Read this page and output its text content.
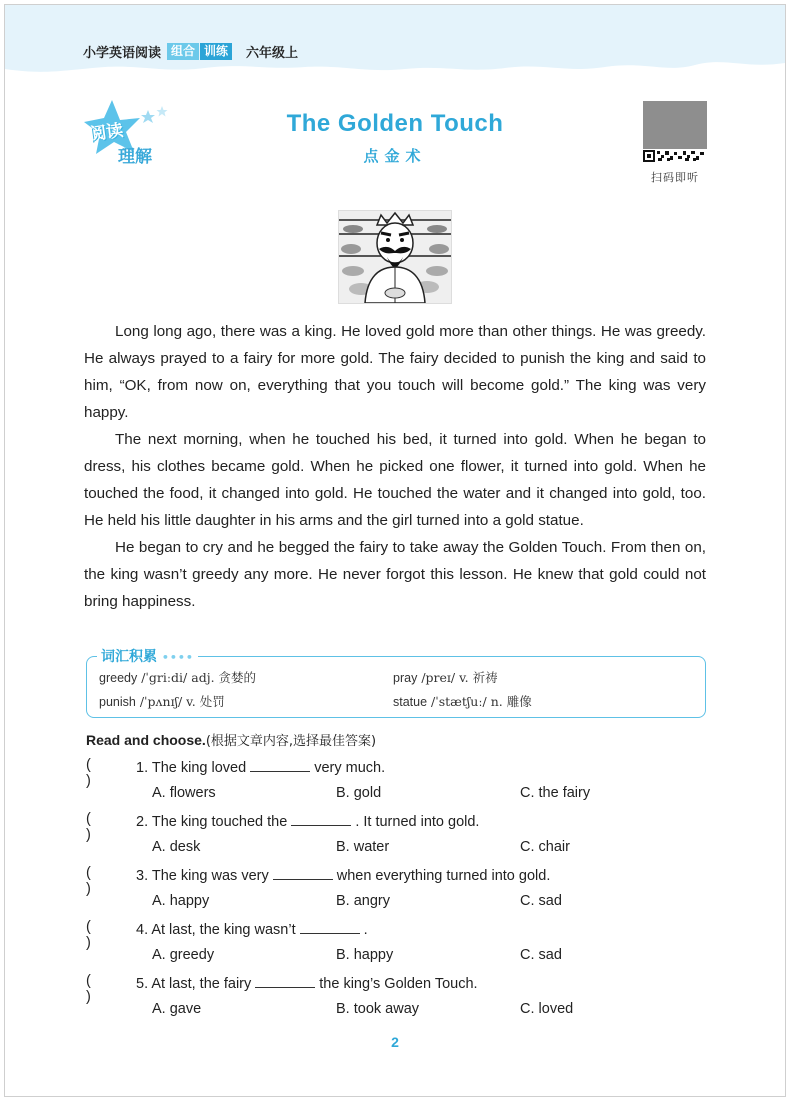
小学英语阅读 组合 训练	六年级上
阅读
理解
The Golden Touch
点金术
扫码即听

Long long ago, there was a king. He loved gold more than other things. He was greedy. He always prayed to a fairy for more gold. The fairy decided to punish the king and said to him, “OK, from now on, everything that you touch will become gold.” The king was very happy.

The next morning, when he touched his bed, it turned into gold. When he began to dress, his clothes became gold. When he picked one flower, it turned into gold. When he touched the food, it changed into gold. He touched the water and it changed into gold, too. He held his little daughter in his arms and the girl turned into a gold statue.

He began to cry and he begged the fairy to take away the Golden Touch. From then on, the king wasn’t greedy any more. He never forgot this lesson. He knew that gold could not bring happiness.

词汇积累 ••••
greedy /ˈgriːdi/ adj. 贪婪的	pray /preɪ/ v. 祈祷
punish /ˈpʌnɪʃ/ v. 处罚	statue /ˈstætʃuː/ n. 雕像
Read and choose.(根据文章内容,选择最佳答案)
( )
1. The king loved	very much.
A. flowers	B. gold	C. the fairy
( )
2. The king touched the	. It turned into gold.
A. desk	B. water	C. chair
( )
3. The king was very	when everything turned into gold.
A. happy	B. angry	C. sad
( )
4. At last, the king wasn’t	.
A. greedy	B. happy	C. sad
( )
5. At last, the fairy	the king’s Golden Touch.
A. gave	B. took away	C. loved
2
